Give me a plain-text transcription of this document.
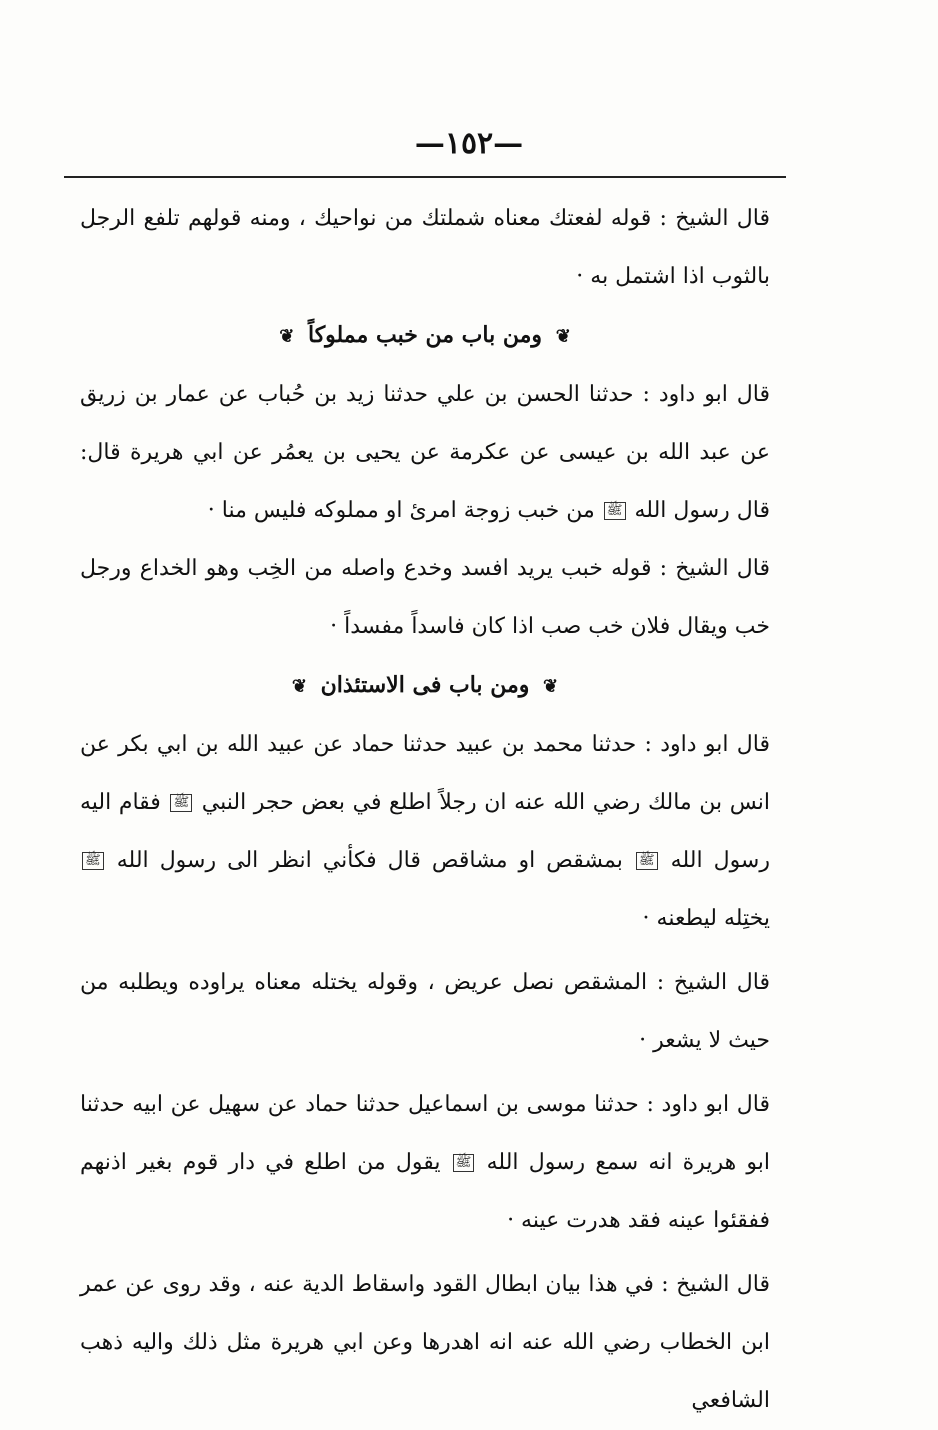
—١٥٢—

قال الشيخ : قوله لفعتك معناه شملتك من نواحيك ، ومنه قولهم تلفع الرجل بالثوب اذا اشتمل به ·

❦ ومن باب من خبب مملوكاً ❦

قال ابو داود : حدثنا الحسن بن علي حدثنا زيد بن حُباب عن عمار بن زريق عن عبد الله بن عيسى عن عكرمة عن يحيى بن يعمُر عن ابي هريرة قال: قال رسول الله ﷺ من خبب زوجة امرئ او مملوكه فليس منا ·

قال الشيخ : قوله خبب يريد افسد وخدع واصله من الخِب وهو الخداع ورجل خب ويقال فلان خب صب اذا كان فاسداً مفسداً ·

❦ ومن باب فى الاستئذان ❦

قال ابو داود : حدثنا محمد بن عبيد حدثنا حماد عن عبيد الله بن ابي بكر عن انس بن مالك رضي الله عنه ان رجلاً اطلع في بعض حجر النبي ﷺ فقام اليه رسول الله ﷺ بمشقص او مشاقص قال فكأني انظر الى رسول الله ﷺ يختِله ليطعنه ·

قال الشيخ : المشقص نصل عريض ، وقوله يختله معناه يراوده ويطلبه من حيث لا يشعر ·

قال ابو داود : حدثنا موسى بن اسماعيل حدثنا حماد عن سهيل عن ابيه حدثنا ابو هريرة انه سمع رسول الله ﷺ يقول من اطلع في دار قوم بغير اذنهم ففقئوا عينه فقد هدرت عينه ·

قال الشيخ : في هذا بيان ابطال القود واسقاط الدية عنه ، وقد روى عن عمر ابن الخطاب رضي الله عنه انه اهدرها وعن ابي هريرة مثل ذلك واليه ذهب الشافعي
